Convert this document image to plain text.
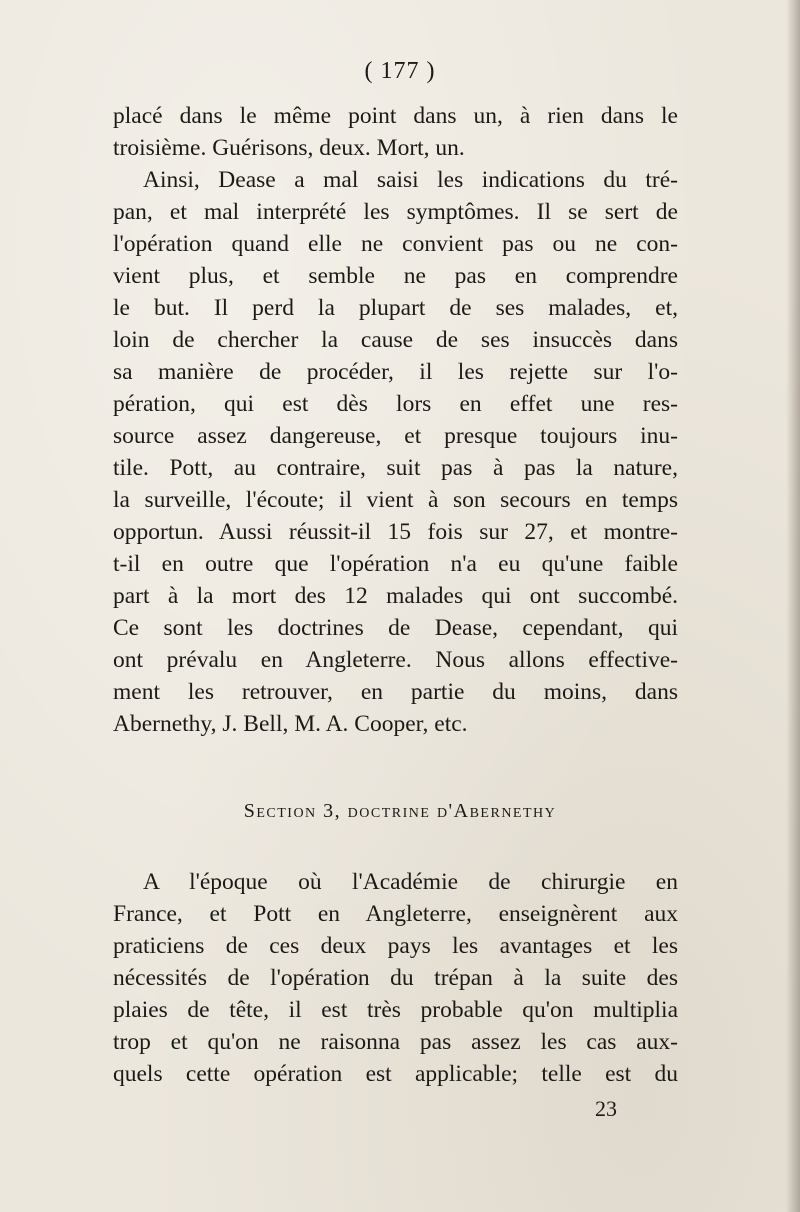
( 177 )
placé dans le même point dans un, à rien dans le
troisième. Guérisons, deux. Mort, un.
Ainsi, Dease a mal saisi les indications du tré-
pan, et mal interprété les symptômes. Il se sert de
l'opération quand elle ne convient pas ou ne con-
vient plus, et semble ne pas en comprendre
le but. Il perd la plupart de ses malades, et,
loin de chercher la cause de ses insuccès dans
sa manière de procéder, il les rejette sur l'o-
pération, qui est dès lors en effet une res-
source assez dangereuse, et presque toujours inu-
tile. Pott, au contraire, suit pas à pas la nature,
la surveille, l'écoute; il vient à son secours en temps
opportun. Aussi réussit-il 15 fois sur 27, et montre-
t-il en outre que l'opération n'a eu qu'une faible
part à la mort des 12 malades qui ont succombé.
Ce sont les doctrines de Dease, cependant, qui
ont prévalu en Angleterre. Nous allons effective-
ment les retrouver, en partie du moins, dans
Abernethy, J. Bell, M. A. Cooper, etc.
Section 3, doctrine d'Abernethy
A l'époque où l'Académie de chirurgie en
France, et Pott en Angleterre, enseignèrent aux
praticiens de ces deux pays les avantages et les
nécessités de l'opération du trépan à la suite des
plaies de tête, il est très probable qu'on multiplia
trop et qu'on ne raisonna pas assez les cas aux-
quels cette opération est applicable; telle est du
23
